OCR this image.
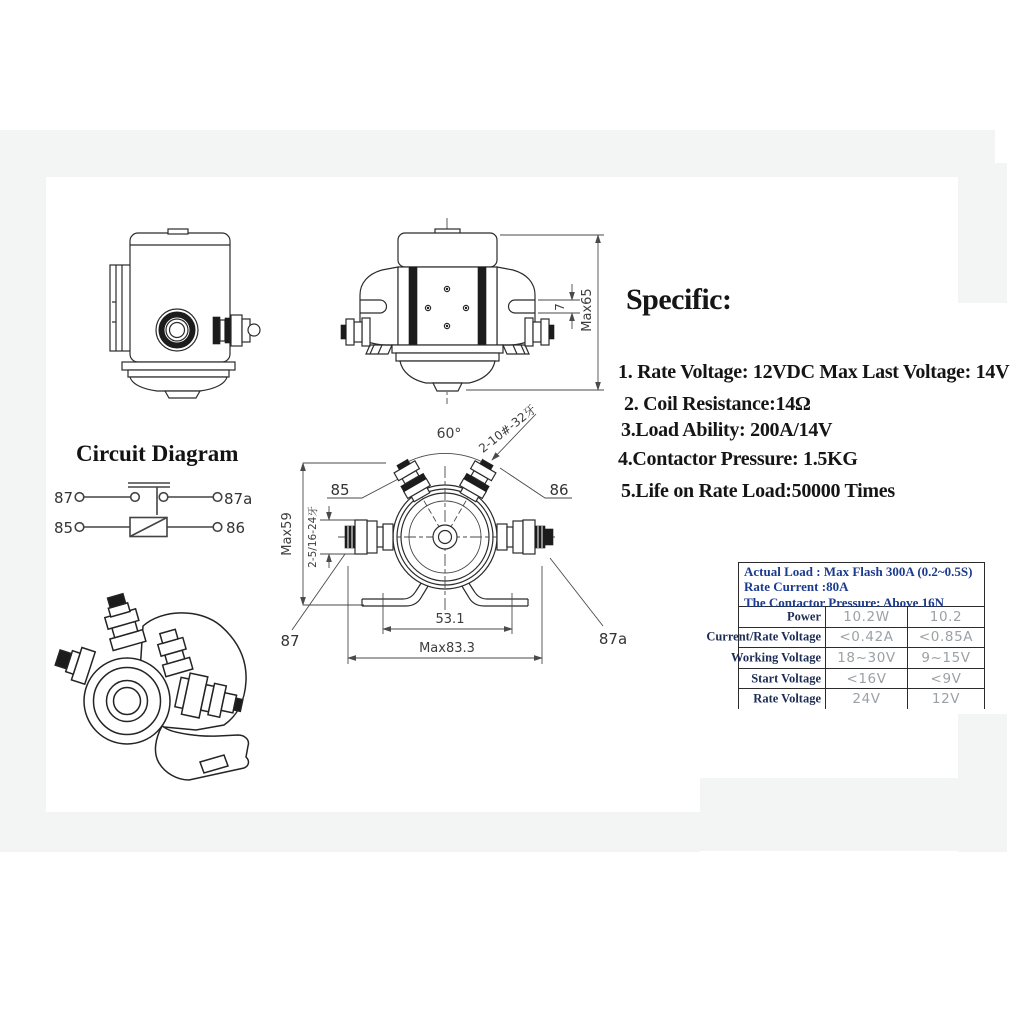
7 Max65 Specific:
1. Rate Voltage: 12VDC Max Last Voltage: 14V
2. Coil Resistance:14Ω
3.Load Ability: 200A/14V
4.Contactor Pressure: 1.5KG
5.Life on Rate Load:50000 Times
Circuit Diagram
87	87a
85	86	Max59 2-5/16-24牙
60° 2-10#-32牙
85	86
87	87a
53.1
Max83.3
Actual Load : Max Flash 300A (0.2~0.5S)
Rate Current :80A
The Contactor Pressure: Above 16N
Power	10.2W	10.2
Current/Rate Voltage	<0.42A	<0.85A
Working Voltage	18~30V	9~15V
Start Voltage	<16V	<9V
Rate Voltage	24V	12V
